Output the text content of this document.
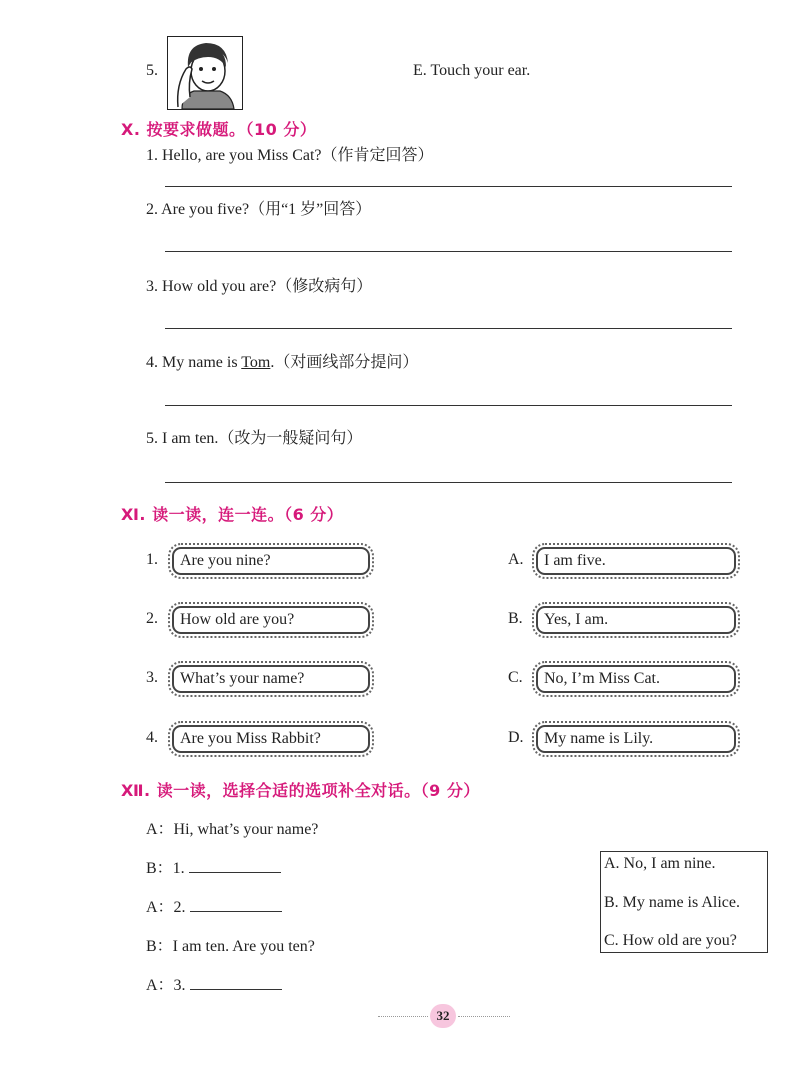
5.	E. Touch your ear.
Ⅹ. 按要求做题。（10 分）
1. Hello, are you Miss Cat?（作肯定回答）
2. Are you five?（用“1 岁”回答）
3. How old you are?（修改病句）
4. My name is Tom.（对画线部分提问）
5. I am ten.（改为一般疑问句）
Ⅺ. 读一读，连一连。（6 分）
1.	Are you nine?
2.	How old are you?
3.	What’s your name?
4.	Are you Miss Rabbit?
A.	I am five.
B.	Yes, I am.
C.	No, I’m Miss Cat.
D.	My name is Lily.
Ⅻ. 读一读，选择合适的选项补全对话。（9 分）
A：Hi, what’s your name?
B：1.
A：2.
B：I am ten. Are you ten?
A：3.
A. No, I am nine.
B. My name is Alice.
C. How old are you?
32
